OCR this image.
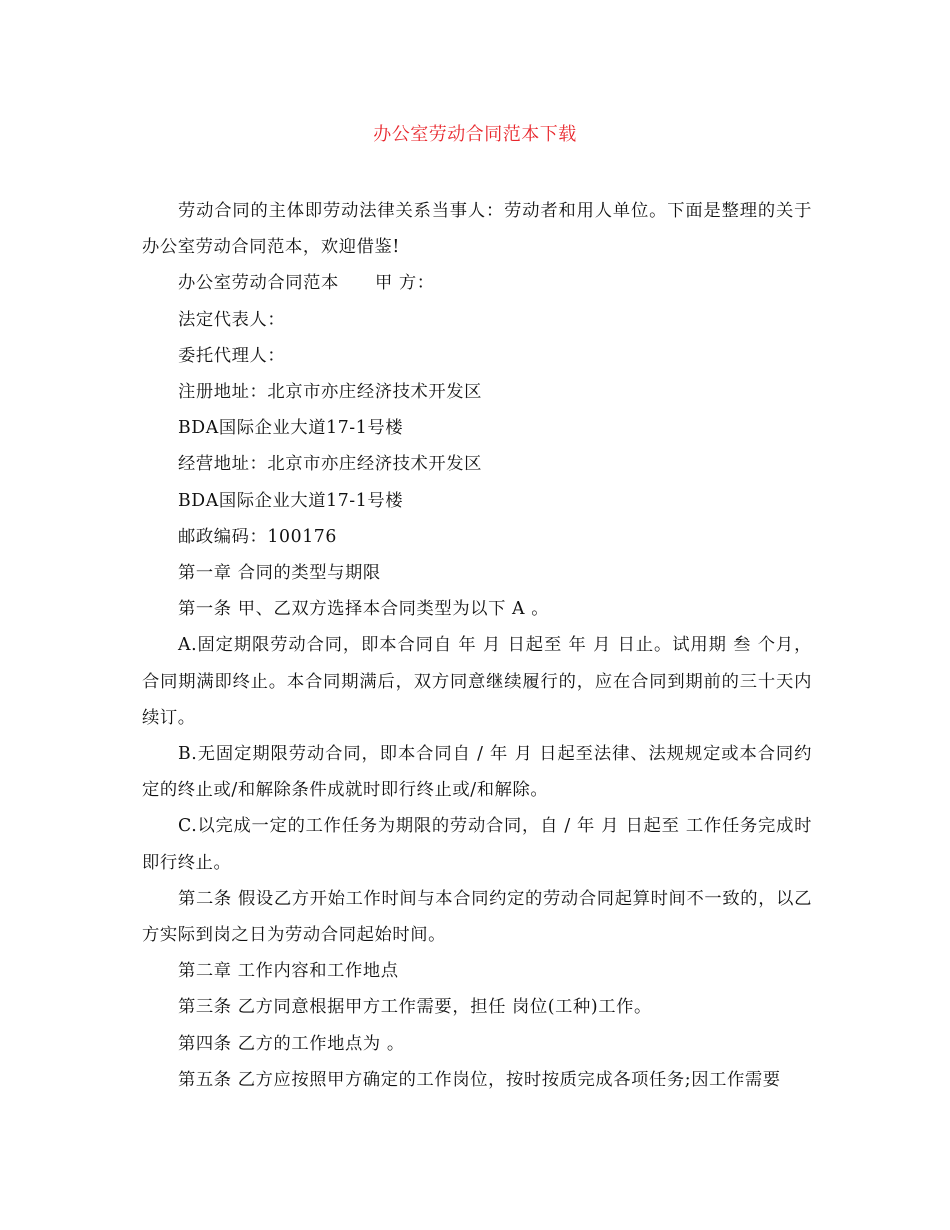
办公室劳动合同范本下载

劳动合同的主体即劳动法律关系当事人：劳动者和用人单位。下面是整理的关于办公室劳动合同范本，欢迎借鉴!

办公室劳动合同范本 甲 方：

法定代表人：

委托代理人：

注册地址：北京市亦庄经济技术开发区

BDA国际企业大道17-1号楼

经营地址：北京市亦庄经济技术开发区

BDA国际企业大道17-1号楼

邮政编码：100176

第一章 合同的类型与期限

第一条 甲、乙双方选择本合同类型为以下 A 。

A.固定期限劳动合同，即本合同自 年 月 日起至 年 月 日止。试用期 叁 个月，合同期满即终止。本合同期满后，双方同意继续履行的，应在合同到期前的三十天内续订。

B.无固定期限劳动合同，即本合同自 / 年 月 日起至法律、法规规定或本合同约定的终止或/和解除条件成就时即行终止或/和解除。

C.以完成一定的工作任务为期限的劳动合同，自 / 年 月 日起至 工作任务完成时即行终止。

第二条 假设乙方开始工作时间与本合同约定的劳动合同起算时间不一致的，以乙方实际到岗之日为劳动合同起始时间。

第二章 工作内容和工作地点

第三条 乙方同意根据甲方工作需要，担任 岗位(工种)工作。

第四条 乙方的工作地点为 。

第五条 乙方应按照甲方确定的工作岗位，按时按质完成各项任务;因工作需要
